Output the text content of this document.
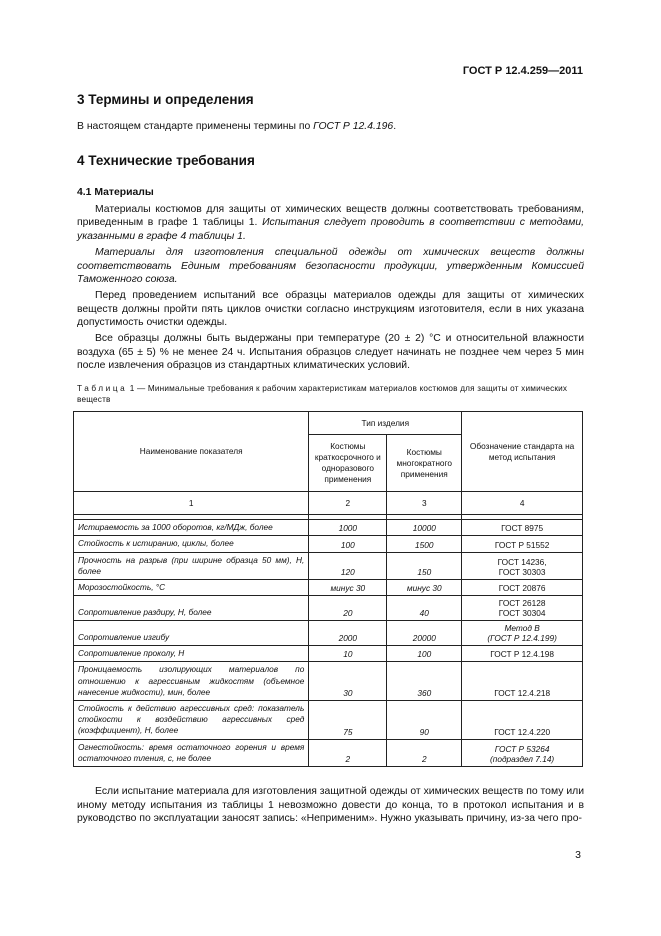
ГОСТ Р 12.4.259—2011
3 Термины и определения

В настоящем стандарте применены термины по ГОСТ Р 12.4.196.

4 Технические требования
4.1 Материалы

Материалы костюмов для защиты от химических веществ должны соответствовать требованиям, приведенным в графе 1 таблицы 1. Испытания следует проводить в соответствии с методами, указанными в графе 4 таблицы 1.

Материалы для изготовления специальной одежды от химических веществ должны соответствовать Единым требованиям безопасности продукции, утвержденным Комиссией Таможенного союза.

Перед проведением испытаний все образцы материалов одежды для защиты от химических веществ должны пройти пять циклов очистки согласно инструкциям изготовителя, если в них указана допустимость очистки одежды.

Все образцы должны быть выдержаны при температуре (20 ± 2) °С и относительной влажности воздуха (65 ± 5) % не менее 24 ч. Испытания образцов следует начинать не позднее чем через 5 мин после извлечения образцов из стандартных климатических условий.

Таблица 1 — Минимальные требования к рабочим характеристикам материалов костюмов для защиты от химических веществ
Наименование показателя	Тип изделия		Обозначение стандарта на метод испытания
	Костюмы краткосрочного и одноразового применения	Костюмы многократного применения	
1	2	3	4

Истираемость за 1000 оборотов, кг/МДж, более	1000	10000	ГОСТ 8975
Стойкость к истиранию, циклы, более	100	1500	ГОСТ Р 51552
Прочность на разрыв (при ширине образца 50 мм), Н, более	120	150	ГОСТ 14236,
ГОСТ 30303
Морозостойкость, °С	минус 30	минус 30	ГОСТ 20876
Сопротивление раздиру, Н, более	20	40	ГОСТ 26128
ГОСТ 30304
Сопротивление изгибу	2000	20000	Метод В
(ГОСТ Р 12.4.199)
Сопротивление проколу, Н	10	100	ГОСТ Р 12.4.198
Проницаемость изолирующих материалов по отношению к агрессивным жидкостям (объемное нанесение жидкости), мин, более	30	360	ГОСТ 12.4.218
Стойкость к действию агрессивных сред: показатель стойкости к воздействию агрессивных сред (коэффициент), Н, более	75	90	ГОСТ 12.4.220
Огнестойкость: время остаточного горения и время остаточного тления, с, не более	2	2	ГОСТ Р 53264
(подраздел 7.14)

Если испытание материала для изготовления защитной одежды от химических веществ по тому или иному методу испытания из таблицы 1 невозможно довести до конца, то в протокол испытания и в руководство по эксплуатации заносят запись: «Неприменим». Нужно указывать причину, из-за чего про-

3
